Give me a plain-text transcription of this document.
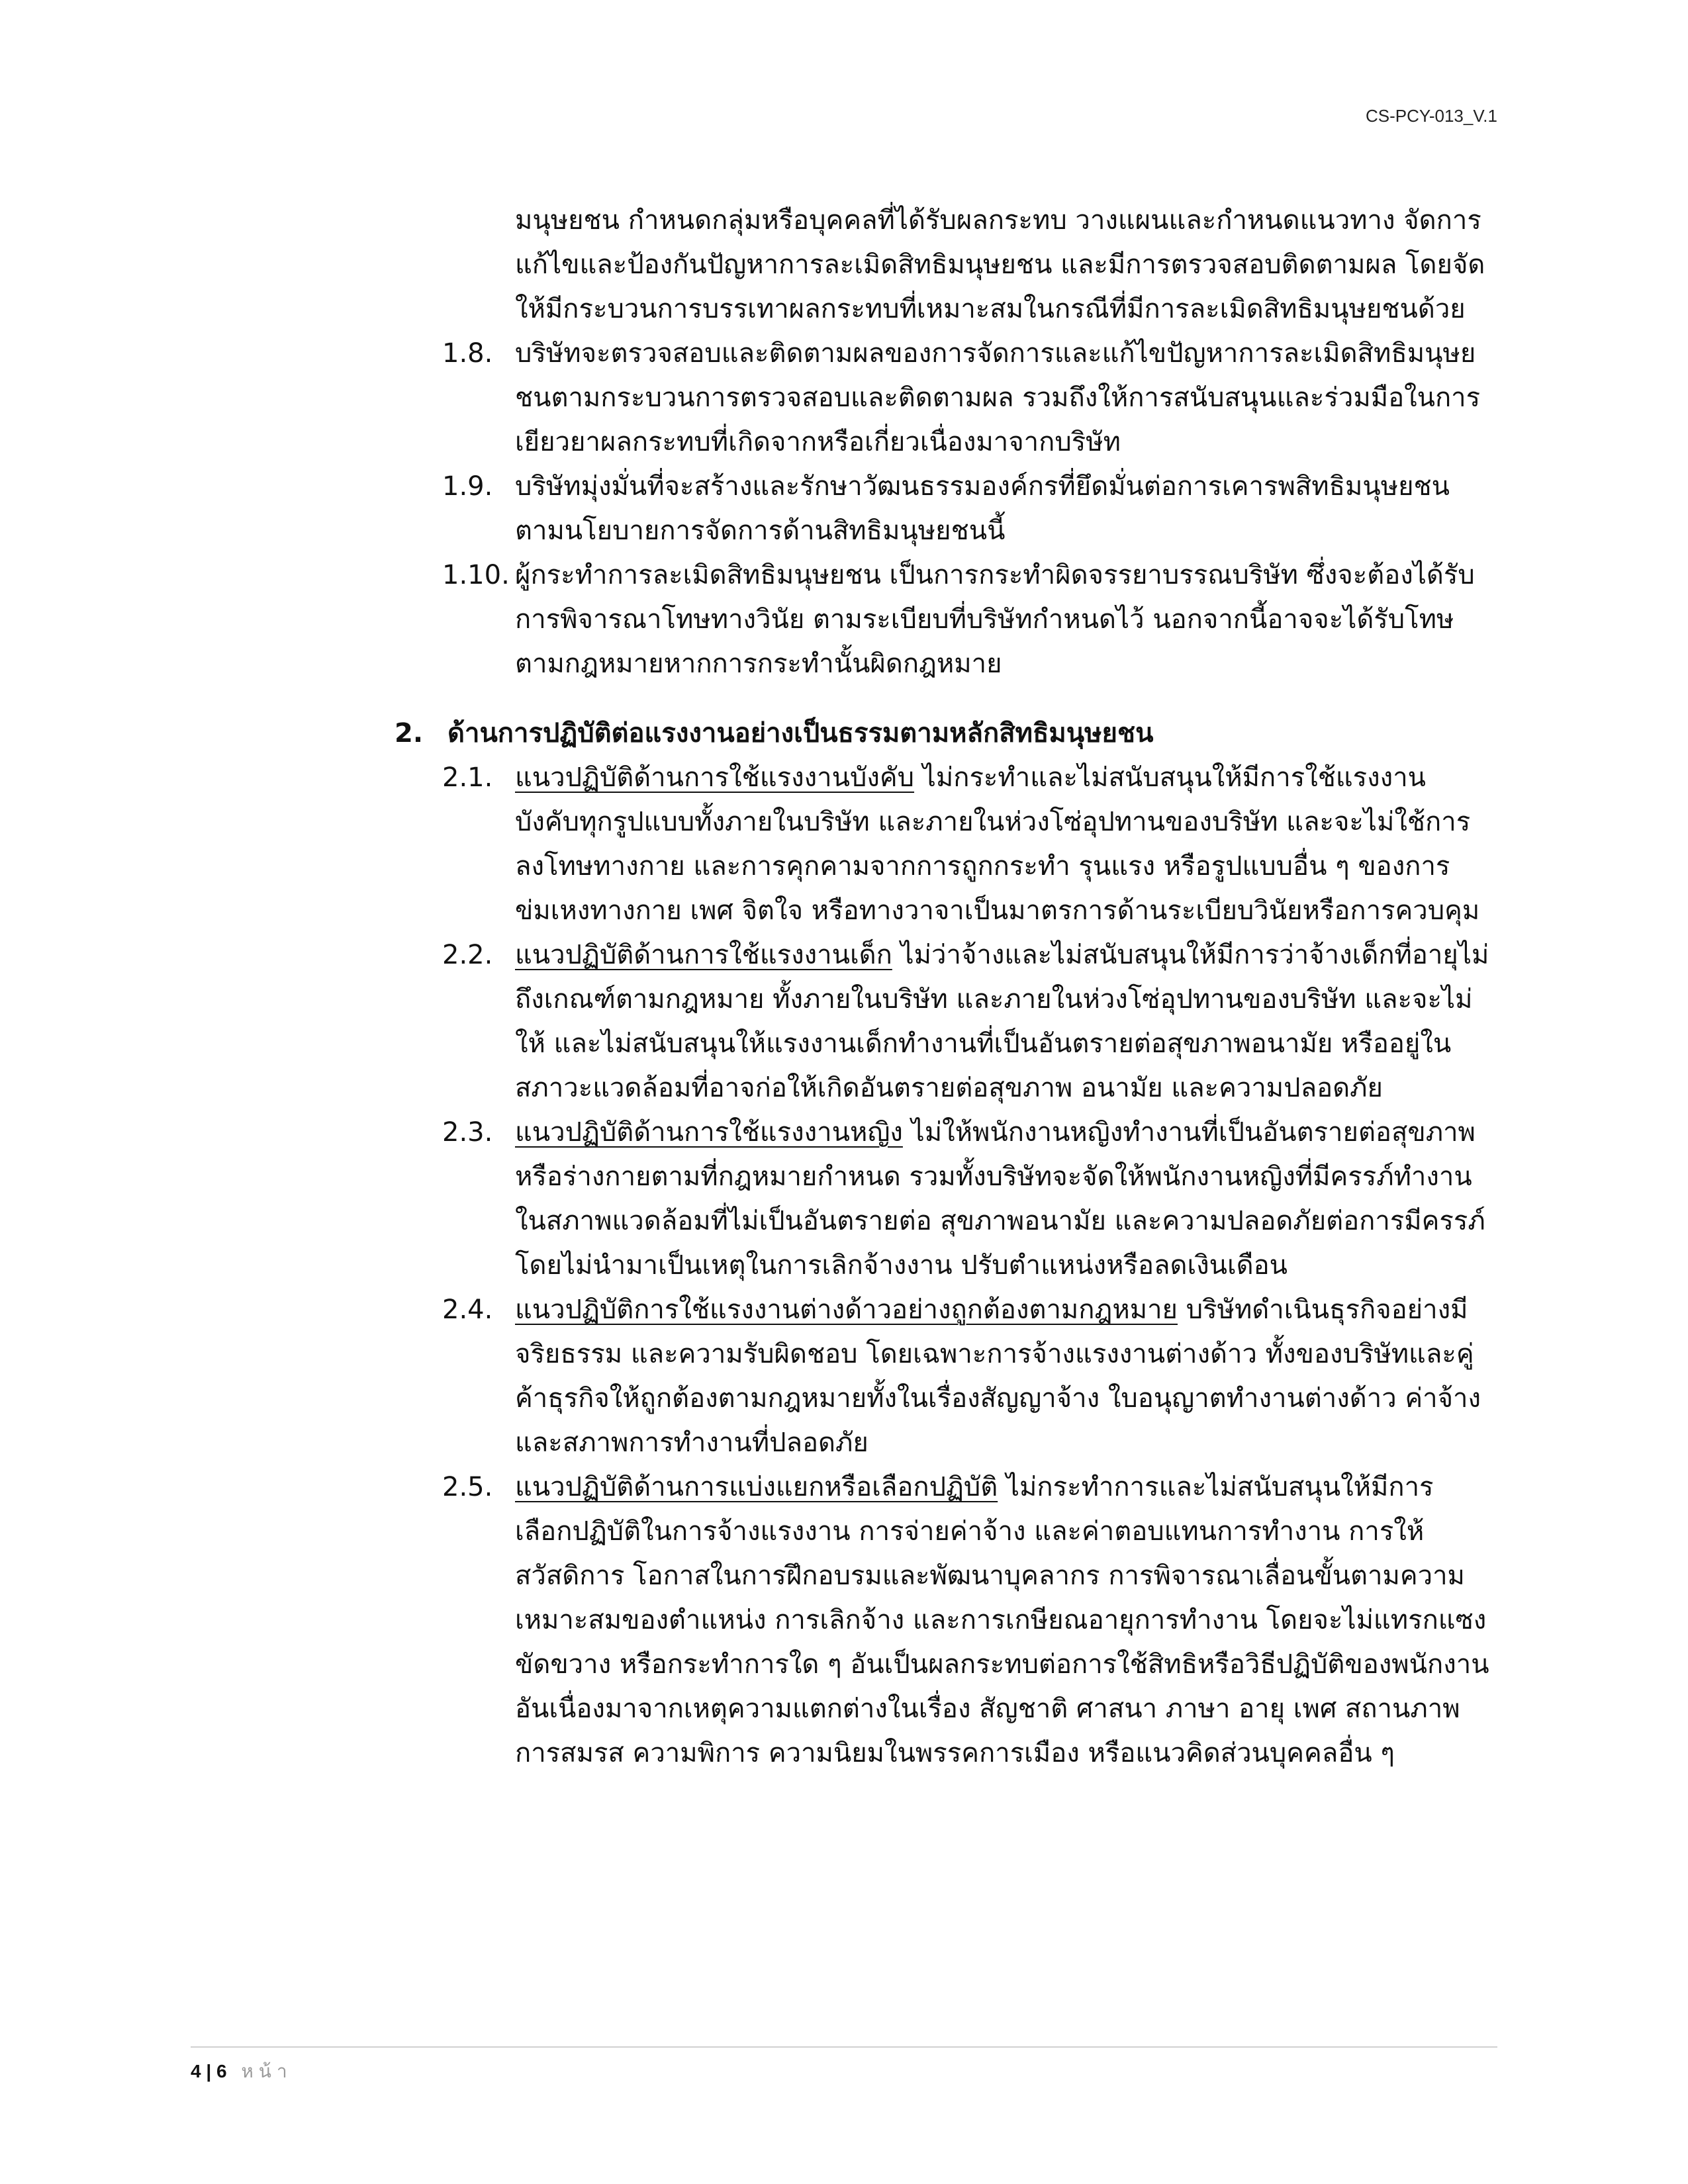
CS-PCY-013_V.1
มนุษยชน กำหนดกลุ่มหรือบุคคลที่ได้รับผลกระทบ วางแผนและกำหนดแนวทาง จัดการแก้ไขและป้องกันปัญหาการละเมิดสิทธิมนุษยชน และมีการตรวจสอบติดตามผล โดยจัดให้มีกระบวนการบรรเทาผลกระทบที่เหมาะสมในกรณีที่มีการละเมิดสิทธิมนุษยชนด้วย
1.8. บริษัทจะตรวจสอบและติดตามผลของการจัดการและแก้ไขปัญหาการละเมิดสิทธิมนุษยชนตามกระบวนการตรวจสอบและติดตามผล รวมถึงให้การสนับสนุนและร่วมมือในการเยียวยาผลกระทบที่เกิดจากหรือเกี่ยวเนื่องมาจากบริษัท
1.9. บริษัทมุ่งมั่นที่จะสร้างและรักษาวัฒนธรรมองค์กรที่ยึดมั่นต่อการเคารพสิทธิมนุษยชนตามนโยบายการจัดการด้านสิทธิมนุษยชนนี้
1.10. ผู้กระทำการละเมิดสิทธิมนุษยชน เป็นการกระทำผิดจรรยาบรรณบริษัท ซึ่งจะต้องได้รับการพิจารณาโทษทางวินัย ตามระเบียบที่บริษัทกำหนดไว้ นอกจากนี้อาจจะได้รับโทษตามกฎหมายหากการกระทำนั้นผิดกฎหมาย
2. ด้านการปฏิบัติต่อแรงงานอย่างเป็นธรรมตามหลักสิทธิมนุษยชน
2.1. แนวปฏิบัติด้านการใช้แรงงานบังคับ ไม่กระทำและไม่สนับสนุนให้มีการใช้แรงงานบังคับทุกรูปแบบทั้งภายในบริษัท และภายในห่วงโซ่อุปทานของบริษัท และจะไม่ใช้การลงโทษทางกาย และการคุกคามจากการถูกกระทำ รุนแรง หรือรูปแบบอื่น ๆ ของการข่มเหงทางกาย เพศ จิตใจ หรือทางวาจาเป็นมาตรการด้านระเบียบวินัยหรือการควบคุม
2.2. แนวปฏิบัติด้านการใช้แรงงานเด็ก ไม่ว่าจ้างและไม่สนับสนุนให้มีการว่าจ้างเด็กที่อายุไม่ถึงเกณฑ์ตามกฎหมาย ทั้งภายในบริษัท และภายในห่วงโซ่อุปทานของบริษัท และจะไม่ให้ และไม่สนับสนุนให้แรงงานเด็กทำงานที่เป็นอันตรายต่อสุขภาพอนามัย หรืออยู่ในสภาวะแวดล้อมที่อาจก่อให้เกิดอันตรายต่อสุขภาพ อนามัย และความปลอดภัย
2.3. แนวปฏิบัติด้านการใช้แรงงานหญิง ไม่ให้พนักงานหญิงทำงานที่เป็นอันตรายต่อสุขภาพหรือร่างกายตามที่กฎหมายกำหนด รวมทั้งบริษัทจะจัดให้พนักงานหญิงที่มีครรภ์ทำงานในสภาพแวดล้อมที่ไม่เป็นอันตรายต่อ สุขภาพอนามัย และความปลอดภัยต่อการมีครรภ์ โดยไม่นำมาเป็นเหตุในการเลิกจ้างงาน ปรับตำแหน่งหรือลดเงินเดือน
2.4. แนวปฏิบัติการใช้แรงงานต่างด้าวอย่างถูกต้องตามกฎหมาย บริษัทดำเนินธุรกิจอย่างมีจริยธรรม และความรับผิดชอบ โดยเฉพาะการจ้างแรงงานต่างด้าว ทั้งของบริษัทและคู่ค้าธุรกิจให้ถูกต้องตามกฎหมายทั้งในเรื่องสัญญาจ้าง ใบอนุญาตทำงานต่างด้าว ค่าจ้าง และสภาพการทำงานที่ปลอดภัย
2.5. แนวปฏิบัติด้านการแบ่งแยกหรือเลือกปฏิบัติ ไม่กระทำการและไม่สนับสนุนให้มีการเลือกปฏิบัติในการจ้างแรงงาน การจ่ายค่าจ้าง และค่าตอบแทนการทำงาน การให้สวัสดิการ โอกาสในการฝึกอบรมและพัฒนาบุคลากร การพิจารณาเลื่อนขั้นตามความเหมาะสมของตำแหน่ง การเลิกจ้าง และการเกษียณอายุการทำงาน โดยจะไม่แทรกแซง ขัดขวาง หรือกระทำการใด ๆ อันเป็นผลกระทบต่อการใช้สิทธิหรือวิธีปฏิบัติของพนักงาน อันเนื่องมาจากเหตุความแตกต่างในเรื่อง สัญชาติ ศาสนา ภาษา อายุ เพศ สถานภาพการสมรส ความพิการ ความนิยมในพรรคการเมือง หรือแนวคิดส่วนบุคคลอื่น ๆ
4 | 6 หน้า
